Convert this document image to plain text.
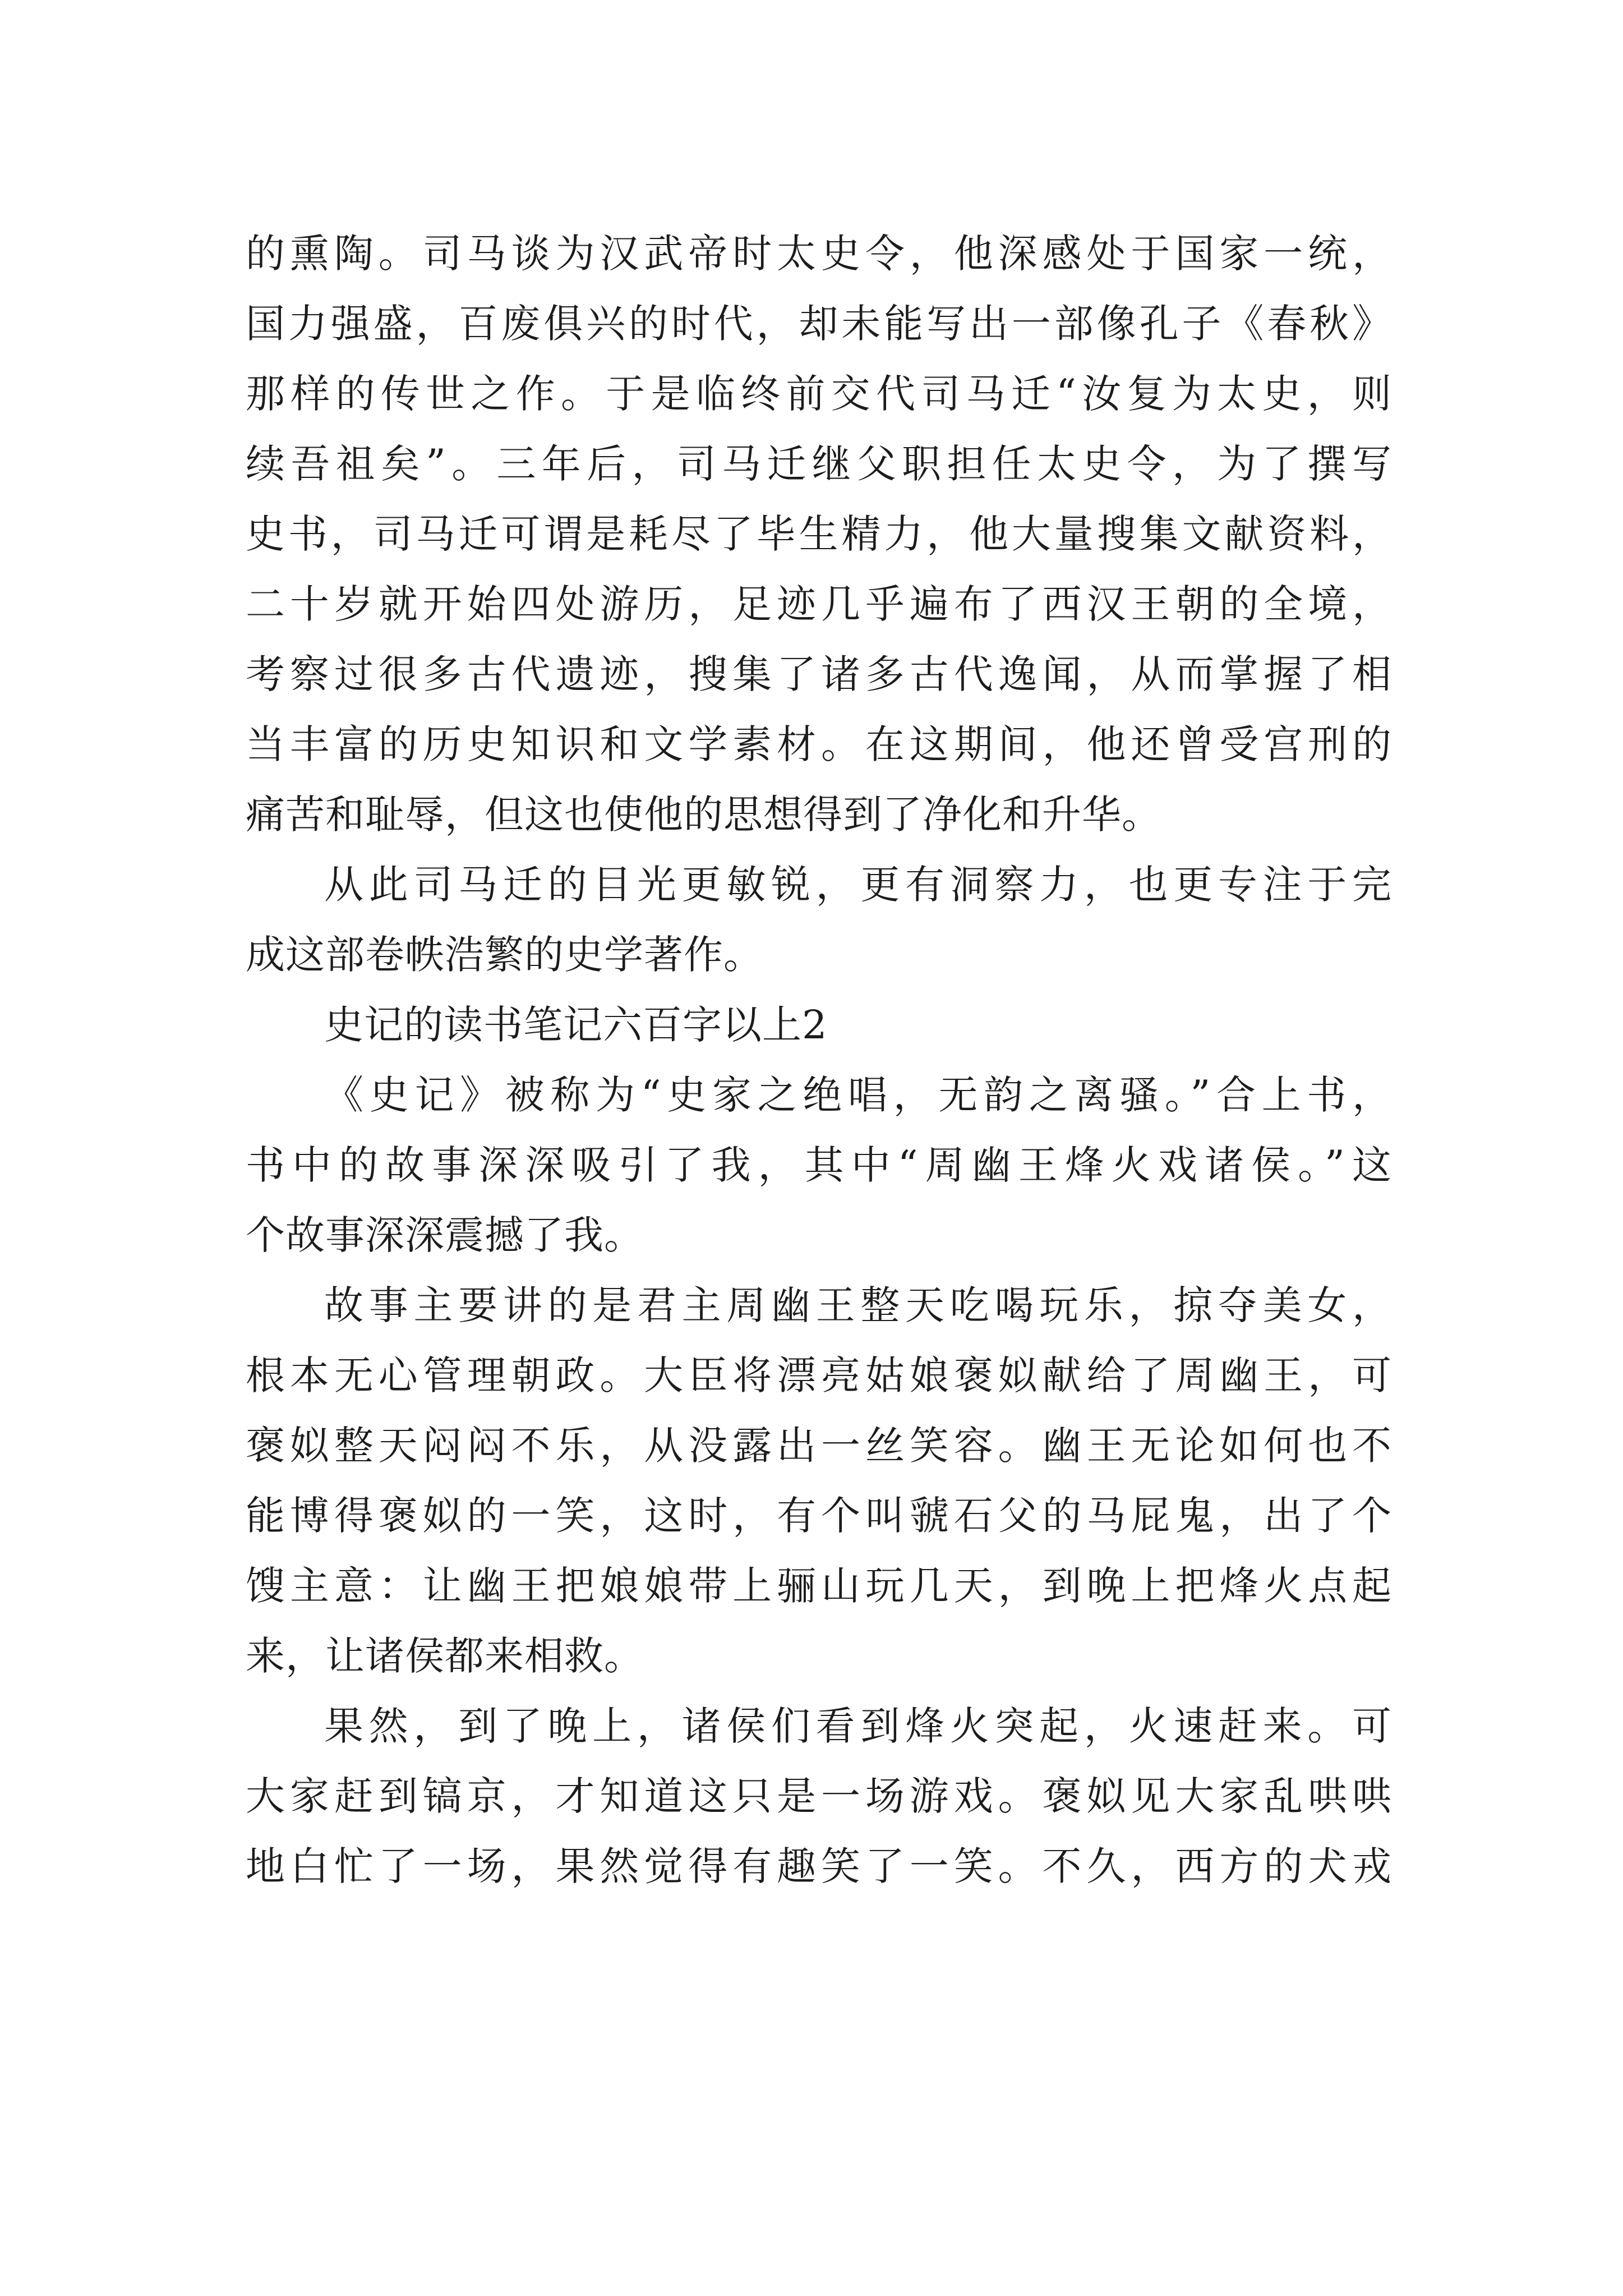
的熏陶。司马谈为汉武帝时太史令，他深感处于国家一统，
国力强盛，百废俱兴的时代，却未能写出一部像孔子《春秋》
那样的传世之作。于是临终前交代司马迁“汝复为太史，则
续吾祖矣”。三年后，司马迁继父职担任太史令，为了撰写
史书，司马迁可谓是耗尽了毕生精力，他大量搜集文献资料，
二十岁就开始四处游历，足迹几乎遍布了西汉王朝的全境，
考察过很多古代遗迹，搜集了诸多古代逸闻，从而掌握了相
当丰富的历史知识和文学素材。在这期间，他还曾受宫刑的
痛苦和耻辱，但这也使他的思想得到了净化和升华。
从此司马迁的目光更敏锐，更有洞察力，也更专注于完
成这部卷帙浩繁的史学著作。
史记的读书笔记六百字以上2
《史记》被称为“史家之绝唱，无韵之离骚。”合上书，
书中的故事深深吸引了我，其中“周幽王烽火戏诸侯。”这
个故事深深震撼了我。
故事主要讲的是君主周幽王整天吃喝玩乐，掠夺美女，
根本无心管理朝政。大臣将漂亮姑娘褒姒献给了周幽王，可
褒姒整天闷闷不乐，从没露出一丝笑容。幽王无论如何也不
能博得褒姒的一笑，这时，有个叫虢石父的马屁鬼，出了个
馊主意：让幽王把娘娘带上骊山玩几天，到晚上把烽火点起
来，让诸侯都来相救。
果然，到了晚上，诸侯们看到烽火突起，火速赶来。可
大家赶到镐京，才知道这只是一场游戏。褒姒见大家乱哄哄
地白忙了一场，果然觉得有趣笑了一笑。不久，西方的犬戎
